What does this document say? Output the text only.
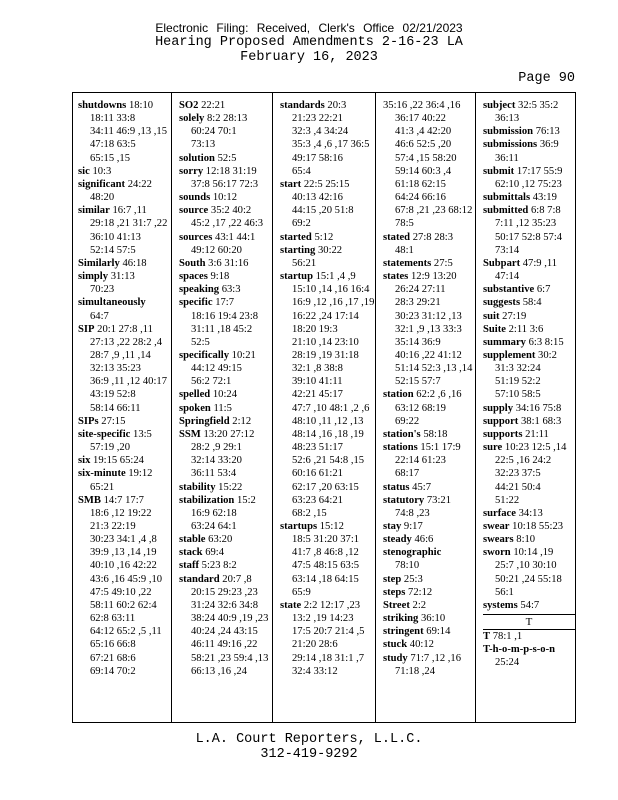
Electronic Filing: Received, Clerk's Office 02/21/2023
Hearing Proposed Amendments 2-16-23 LA
February 16, 2023
Page 90
shutdowns 18:10
18:11 33:8
34:11 46:9 ,13 ,15
47:18 63:5
65:15 ,15
sic 10:3
significant 24:22
48:20
similar 16:7 ,11
29:18 ,21 31:7 ,22
36:10 41:13
52:14 57:5
Similarly 46:18
simply 31:13
70:23
simultaneously
64:7
SIP 20:1 27:8 ,11
27:13 ,22 28:2 ,4
28:7 ,9 ,11 ,14
32:13 35:23
36:9 ,11 ,12 40:17
43:19 52:8
58:14 66:11
SIPs 27:15
site-specific 13:5
57:19 ,20
six 19:15 65:24
six-minute 19:12
65:21
SMB 14:7 17:7
18:6 ,12 19:22
21:3 22:19
30:23 34:1 ,4 ,8
39:9 ,13 ,14 ,19
40:10 ,16 42:22
43:6 ,16 45:9 ,10
47:5 49:10 ,22
58:11 60:2 62:4
62:8 63:11
64:12 65:2 ,5 ,11
65:16 66:8
67:21 68:6
69:14 70:2
SO2 22:21
solely 8:2 28:13
60:24 70:1
73:13
solution 52:5
sorry 12:18 31:19
37:8 56:17 72:3
sounds 10:12
source 35:2 40:2
45:2 ,17 ,22 46:3
sources 43:1 44:1
49:12 60:20
South 3:6 31:16
spaces 9:18
speaking 63:3
specific 17:7
18:16 19:4 23:8
31:11 ,18 45:2
52:5
specifically 10:21
44:12 49:15
56:2 72:1
spelled 10:24
spoken 11:5
Springfield 2:12
SSM 13:20 27:12
28:2 ,9 29:1
32:14 33:20
36:11 53:4
stability 15:22
stabilization 15:2
16:9 62:18
63:24 64:1
stable 63:20
stack 69:4
staff 5:23 8:2
standard 20:7 ,8
20:15 29:23 ,23
31:24 32:6 34:8
38:24 40:9 ,19 ,23
40:24 ,24 43:15
46:11 49:16 ,22
58:21 ,23 59:4 ,13
66:13 ,16 ,24
standards 20:3
21:23 22:21
32:3 ,4 34:24
35:3 ,4 ,6 ,17 36:5
49:17 58:16
65:4
start 22:5 25:15
40:13 42:16
44:15 ,20 51:8
69:2
started 5:12
starting 30:22
56:21
startup 15:1 ,4 ,9
15:10 ,14 ,16 16:4
16:9 ,12 ,16 ,17 ,19
16:22 ,24 17:14
18:20 19:3
21:10 ,14 23:10
28:19 ,19 31:18
32:1 ,8 38:8
39:10 41:11
42:21 45:17
47:7 ,10 48:1 ,2 ,6
48:10 ,11 ,12 ,13
48:14 ,16 ,18 ,19
48:23 51:17
52:6 ,21 54:8 ,15
60:16 61:21
62:17 ,20 63:15
63:23 64:21
68:2 ,15
startups 15:12
18:5 31:20 37:1
41:7 ,8 46:8 ,12
47:5 48:15 63:5
63:14 ,18 64:15
65:9
state 2:2 12:17 ,23
13:2 ,19 14:23
17:5 20:7 21:4 ,5
21:20 28:6
29:14 ,18 31:1 ,7
32:4 33:12
35:16 ,22 36:4 ,16
36:17 40:22
41:3 ,4 42:20
46:6 52:5 ,20
57:4 ,15 58:20
59:14 60:3 ,4
61:18 62:15
64:24 66:16
67:8 ,21 ,23 68:12
78:5
stated 27:8 28:3
48:1
statements 27:5
states 12:9 13:20
26:24 27:11
28:3 29:21
30:23 31:12 ,13
32:1 ,9 ,13 33:3
35:14 36:9
40:16 ,22 41:12
51:14 52:3 ,13 ,14
52:15 57:7
station 62:2 ,6 ,16
63:12 68:19
69:22
station's 58:18
stations 15:1 17:9
22:14 61:23
68:17
status 45:7
statutory 73:21
74:8 ,23
stay 9:17
steady 46:6
stenographic
78:10
step 25:3
steps 72:12
Street 2:2
striking 36:10
stringent 69:14
stuck 40:12
study 71:7 ,12 ,16
71:18 ,24
subject 32:5 35:2
36:13
submission 76:13
submissions 36:9
36:11
submit 17:17 55:9
62:10 ,12 75:23
submittals 43:19
submitted 6:8 7:8
7:11 ,12 35:23
50:17 52:8 57:4
73:14
Subpart 47:9 ,11
47:14
substantive 6:7
suggests 58:4
suit 27:19
Suite 2:11 3:6
summary 6:3 8:15
supplement 30:2
31:3 32:24
51:19 52:2
57:10 58:5
supply 34:16 75:8
support 38:1 68:3
supports 21:11
sure 10:23 12:5 ,14
22:5 ,16 24:2
32:23 37:5
44:21 50:4
51:22
surface 34:13
swear 10:18 55:23
swears 8:10
sworn 10:14 ,19
25:7 ,10 30:10
50:21 ,24 55:18
56:1
systems 54:7
T
T 78:1 ,1
T-h-o-m-p-s-o-n
25:24
L.A. Court Reporters, L.L.C.
312-419-9292
